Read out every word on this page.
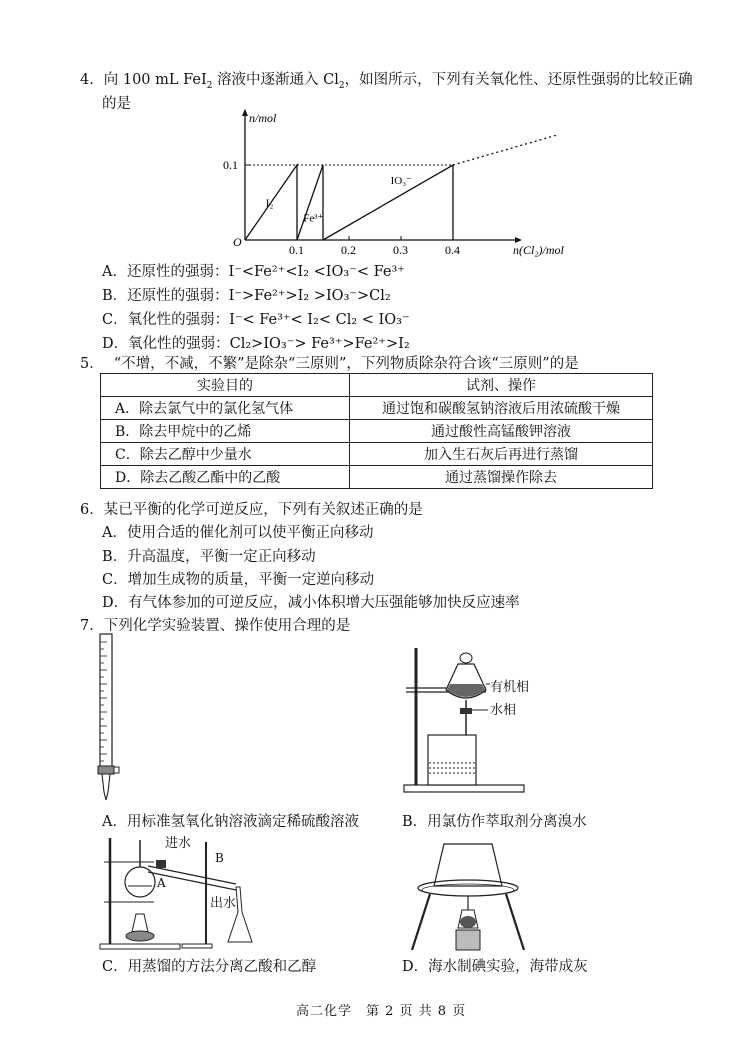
4．向 100 mL FeI$_2$ 溶液中逐渐通入 $Cl_2$，如图所示，下列有关氧化性、还原性强弱的比较正确
的是
0.1
0.1	0.2	0.3	0.4
O
n/mol
n(Cl₂)/mol
I₂
Fe³⁺
IO₃⁻
A．还原性的强弱：I⁻<Fe²⁺<I₂ <IO₃⁻< Fe³⁺
B．还原性的强弱：I⁻>Fe²⁺>I₂ >IO₃⁻>Cl₂
C．氧化性的强弱：I⁻< Fe³⁺< I₂< Cl₂ < IO₃⁻
D．氧化性的强弱：Cl₂>IO₃⁻> Fe³⁺>Fe²⁺>I₂
5． “不增，不减，不繁”是除杂“三原则”，下列物质除杂符合该“三原则”的是
实验目的	试剂、操作
A．除去氯气中的氯化氢气体	通过饱和碳酸氢钠溶液后用浓硫酸干燥
B．除去甲烷中的乙烯	通过酸性高锰酸钾溶液
C．除去乙醇中少量水	加入生石灰后再进行蒸馏
D．除去乙酸乙酯中的乙酸	通过蒸馏操作除去
6．某已平衡的化学可逆反应，下列有关叙述正确的是
A．使用合适的催化剂可以使平衡正向移动
B．升高温度，平衡一定正向移动
C．增加生成物的质量，平衡一定逆向移动
D．有气体参加的可逆反应，减小体积增大压强能够加快反应速率
7．下列化学实验装置、操作使用合理的是
有机相
水相
A．用标准氢氧化钠溶液滴定稀硫酸溶液	B．用氯仿作萃取剂分离溴水
进水
出水
A
B
C．用蒸馏的方法分离乙酸和乙醇	D．海水制碘实验，海带成灰
高二化学　第 2 页 共 8 页
